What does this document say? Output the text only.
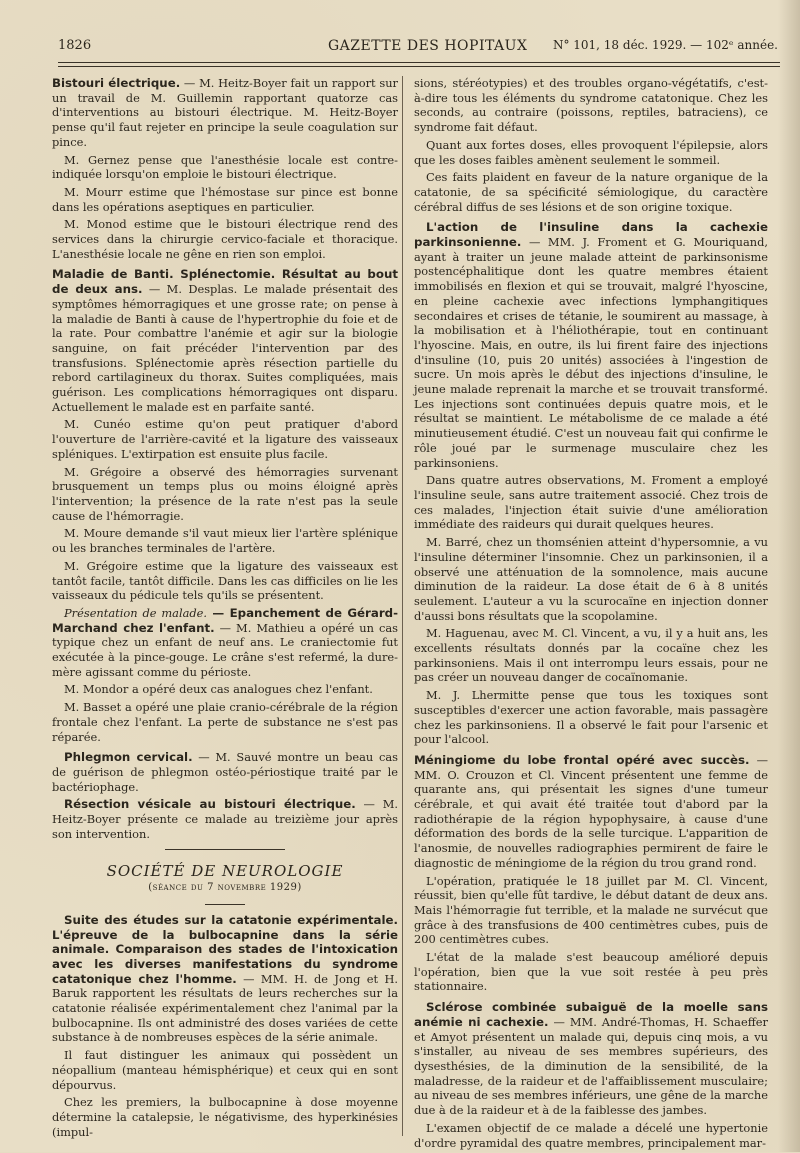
1826	GAZETTE DES HOPITAUX N° 101, 18 déc. 1929. — 102ᵉ année.

Bistouri électrique. — M. Heitz-Boyer fait un rapport sur un travail de M. Guillemin rapportant quatorze cas d'interventions au bistouri électrique. M. Heitz-Boyer pense qu'il faut rejeter en principe la seule coagulation sur pince.

M. Gernez pense que l'anesthésie locale est contre-indiquée lorsqu'on emploie le bistouri électrique.

M. Mourr estime que l'hémostase sur pince est bonne dans les opérations aseptiques en particulier.

M. Monod estime que le bistouri électrique rend des services dans la chirurgie cervico-faciale et thoracique. L'anesthésie locale ne gêne en rien son emploi.

Maladie de Banti. Splénectomie. Résultat au bout de deux ans. — M. Desplas. Le malade présentait des symptômes hémorragiques et une grosse rate; on pense à la maladie de Banti à cause de l'hypertrophie du foie et de la rate. Pour combattre l'anémie et agir sur la biologie sanguine, on fait précéder l'intervention par des transfusions. Splénectomie après résection partielle du rebord cartilagineux du thorax. Suites compliquées, mais guérison. Les complications hémorragiques ont disparu. Actuellement le malade est en parfaite santé.

M. Cunéo estime qu'on peut pratiquer d'abord l'ouverture de l'arrière-cavité et la ligature des vaisseaux spléniques. L'extirpation est ensuite plus facile.

M. Grégoire a observé des hémorragies survenant brusquement un temps plus ou moins éloigné après l'intervention; la présence de la rate n'est pas la seule cause de l'hémorragie.

M. Moure demande s'il vaut mieux lier l'artère splénique ou les branches terminales de l'artère.

M. Grégoire estime que la ligature des vaisseaux est tantôt facile, tantôt difficile. Dans les cas difficiles on lie les vaisseaux du pédicule tels qu'ils se présentent.

Présentation de malade. — Epanchement de Gérard-Marchand chez l'enfant. — M. Mathieu a opéré un cas typique chez un enfant de neuf ans. Le craniectomie fut exécutée à la pince-gouge. Le crâne s'est refermé, la dure-mère agissant comme du périoste.

M. Mondor a opéré deux cas analogues chez l'enfant.

M. Basset a opéré une plaie cranio-cérébrale de la région frontale chez l'enfant. La perte de substance ne s'est pas réparée.

Phlegmon cervical. — M. Sauvé montre un beau cas de guérison de phlegmon ostéo-périostique traité par le bactériophage.

Résection vésicale au bistouri électrique. — M. Heitz-Boyer présente ce malade au treizième jour après son intervention.

SOCIÉTÉ DE NEUROLOGIE
(séance du 7 novembre 1929)

Suite des études sur la catatonie expérimentale. L'épreuve de la bulbocapnine dans la série animale. Comparaison des stades de l'intoxication avec les diverses manifestations du syndrome catatonique chez l'homme. — MM. H. de Jong et H. Baruk rapportent les résultats de leurs recherches sur la catatonie réalisée expérimentalement chez l'animal par la bulbocapnine. Ils ont administré des doses variées de cette substance à de nombreuses espèces de la série animale.

Il faut distinguer les animaux qui possèdent un néopallium (manteau hémisphérique) et ceux qui en sont dépourvus.

Chez les premiers, la bulbocapnine à dose moyenne détermine la catalepsie, le négativisme, des hyperkinésies (impul-

sions, stéréotypies) et des troubles organo-végétatifs, c'est-à-dire tous les éléments du syndrome catatonique. Chez les seconds, au contraire (poissons, reptiles, batraciens), ce syndrome fait défaut.

Quant aux fortes doses, elles provoquent l'épilepsie, alors que les doses faibles amènent seulement le sommeil.

Ces faits plaident en faveur de la nature organique de la catatonie, de sa spécificité sémiologique, du caractère cérébral diffus de ses lésions et de son origine toxique.

L'action de l'insuline dans la cachexie parkinsonienne. — MM. J. Froment et G. Mouriquand, ayant à traiter un jeune malade atteint de parkinsonisme postencéphalitique dont les quatre membres étaient immobilisés en flexion et qui se trouvait, malgré l'hyoscine, en pleine cachexie avec infections lymphangitiques secondaires et crises de tétanie, le soumirent au massage, à la mobilisation et à l'héliothérapie, tout en continuant l'hyoscine. Mais, en outre, ils lui firent faire des injections d'insuline (10, puis 20 unités) associées à l'ingestion de sucre. Un mois après le début des injections d'insuline, le jeune malade reprenait la marche et se trouvait transformé. Les injections sont continuées depuis quatre mois, et le résultat se maintient. Le métabolisme de ce malade a été minutieusement étudié. C'est un nouveau fait qui confirme le rôle joué par le surmenage musculaire chez les parkinsoniens.

Dans quatre autres observations, M. Froment a employé l'insuline seule, sans autre traitement associé. Chez trois de ces malades, l'injection était suivie d'une amélioration immédiate des raideurs qui durait quelques heures.

M. Barré, chez un thomsénien atteint d'hypersomnie, a vu l'insuline déterminer l'insomnie. Chez un parkinsonien, il a observé une atténuation de la somnolence, mais aucune diminution de la raideur. La dose était de 6 à 8 unités seulement. L'auteur a vu la scurocaïne en injection donner d'aussi bons résultats que la scopolamine.

M. Haguenau, avec M. Cl. Vincent, a vu, il y a huit ans, les excellents résultats donnés par la cocaïne chez les parkinsoniens. Mais il ont interrompu leurs essais, pour ne pas créer un nouveau danger de cocaïnomanie.

M. J. Lhermitte pense que tous les toxiques sont susceptibles d'exercer une action favorable, mais passagère chez les parkinsoniens. Il a observé le fait pour l'arsenic et pour l'alcool.

Méningiome du lobe frontal opéré avec succès. — MM. O. Crouzon et Cl. Vincent présentent une femme de quarante ans, qui présentait les signes d'une tumeur cérébrale, et qui avait été traitée tout d'abord par la radiothérapie de la région hypophysaire, à cause d'une déformation des bords de la selle turcique. L'apparition de l'anosmie, de nouvelles radiographies permirent de faire le diagnostic de méningiome de la région du trou grand rond.

L'opération, pratiquée le 18 juillet par M. Cl. Vincent, réussit, bien qu'elle fût tardive, le début datant de deux ans. Mais l'hémorragie fut terrible, et la malade ne survécut que grâce à des transfusions de 400 centimètres cubes, puis de 200 centimètres cubes.

L'état de la malade s'est beaucoup amélioré depuis l'opération, bien que la vue soit restée à peu près stationnaire.

Sclérose combinée subaiguë de la moelle sans anémie ni cachexie. — MM. André-Thomas, H. Schaeffer et Amyot présentent un malade qui, depuis cinq mois, a vu s'installer, au niveau de ses membres supérieurs, des dysesthésies, de la diminution de la sensibilité, de la maladresse, de la raideur et de l'affaiblissement musculaire; au niveau de ses membres inférieurs, une gêne de la marche due à de la raideur et à de la faiblesse des jambes.

L'examen objectif de ce malade a décelé une hypertonie d'ordre pyramidal des quatre membres, principalement mar-
